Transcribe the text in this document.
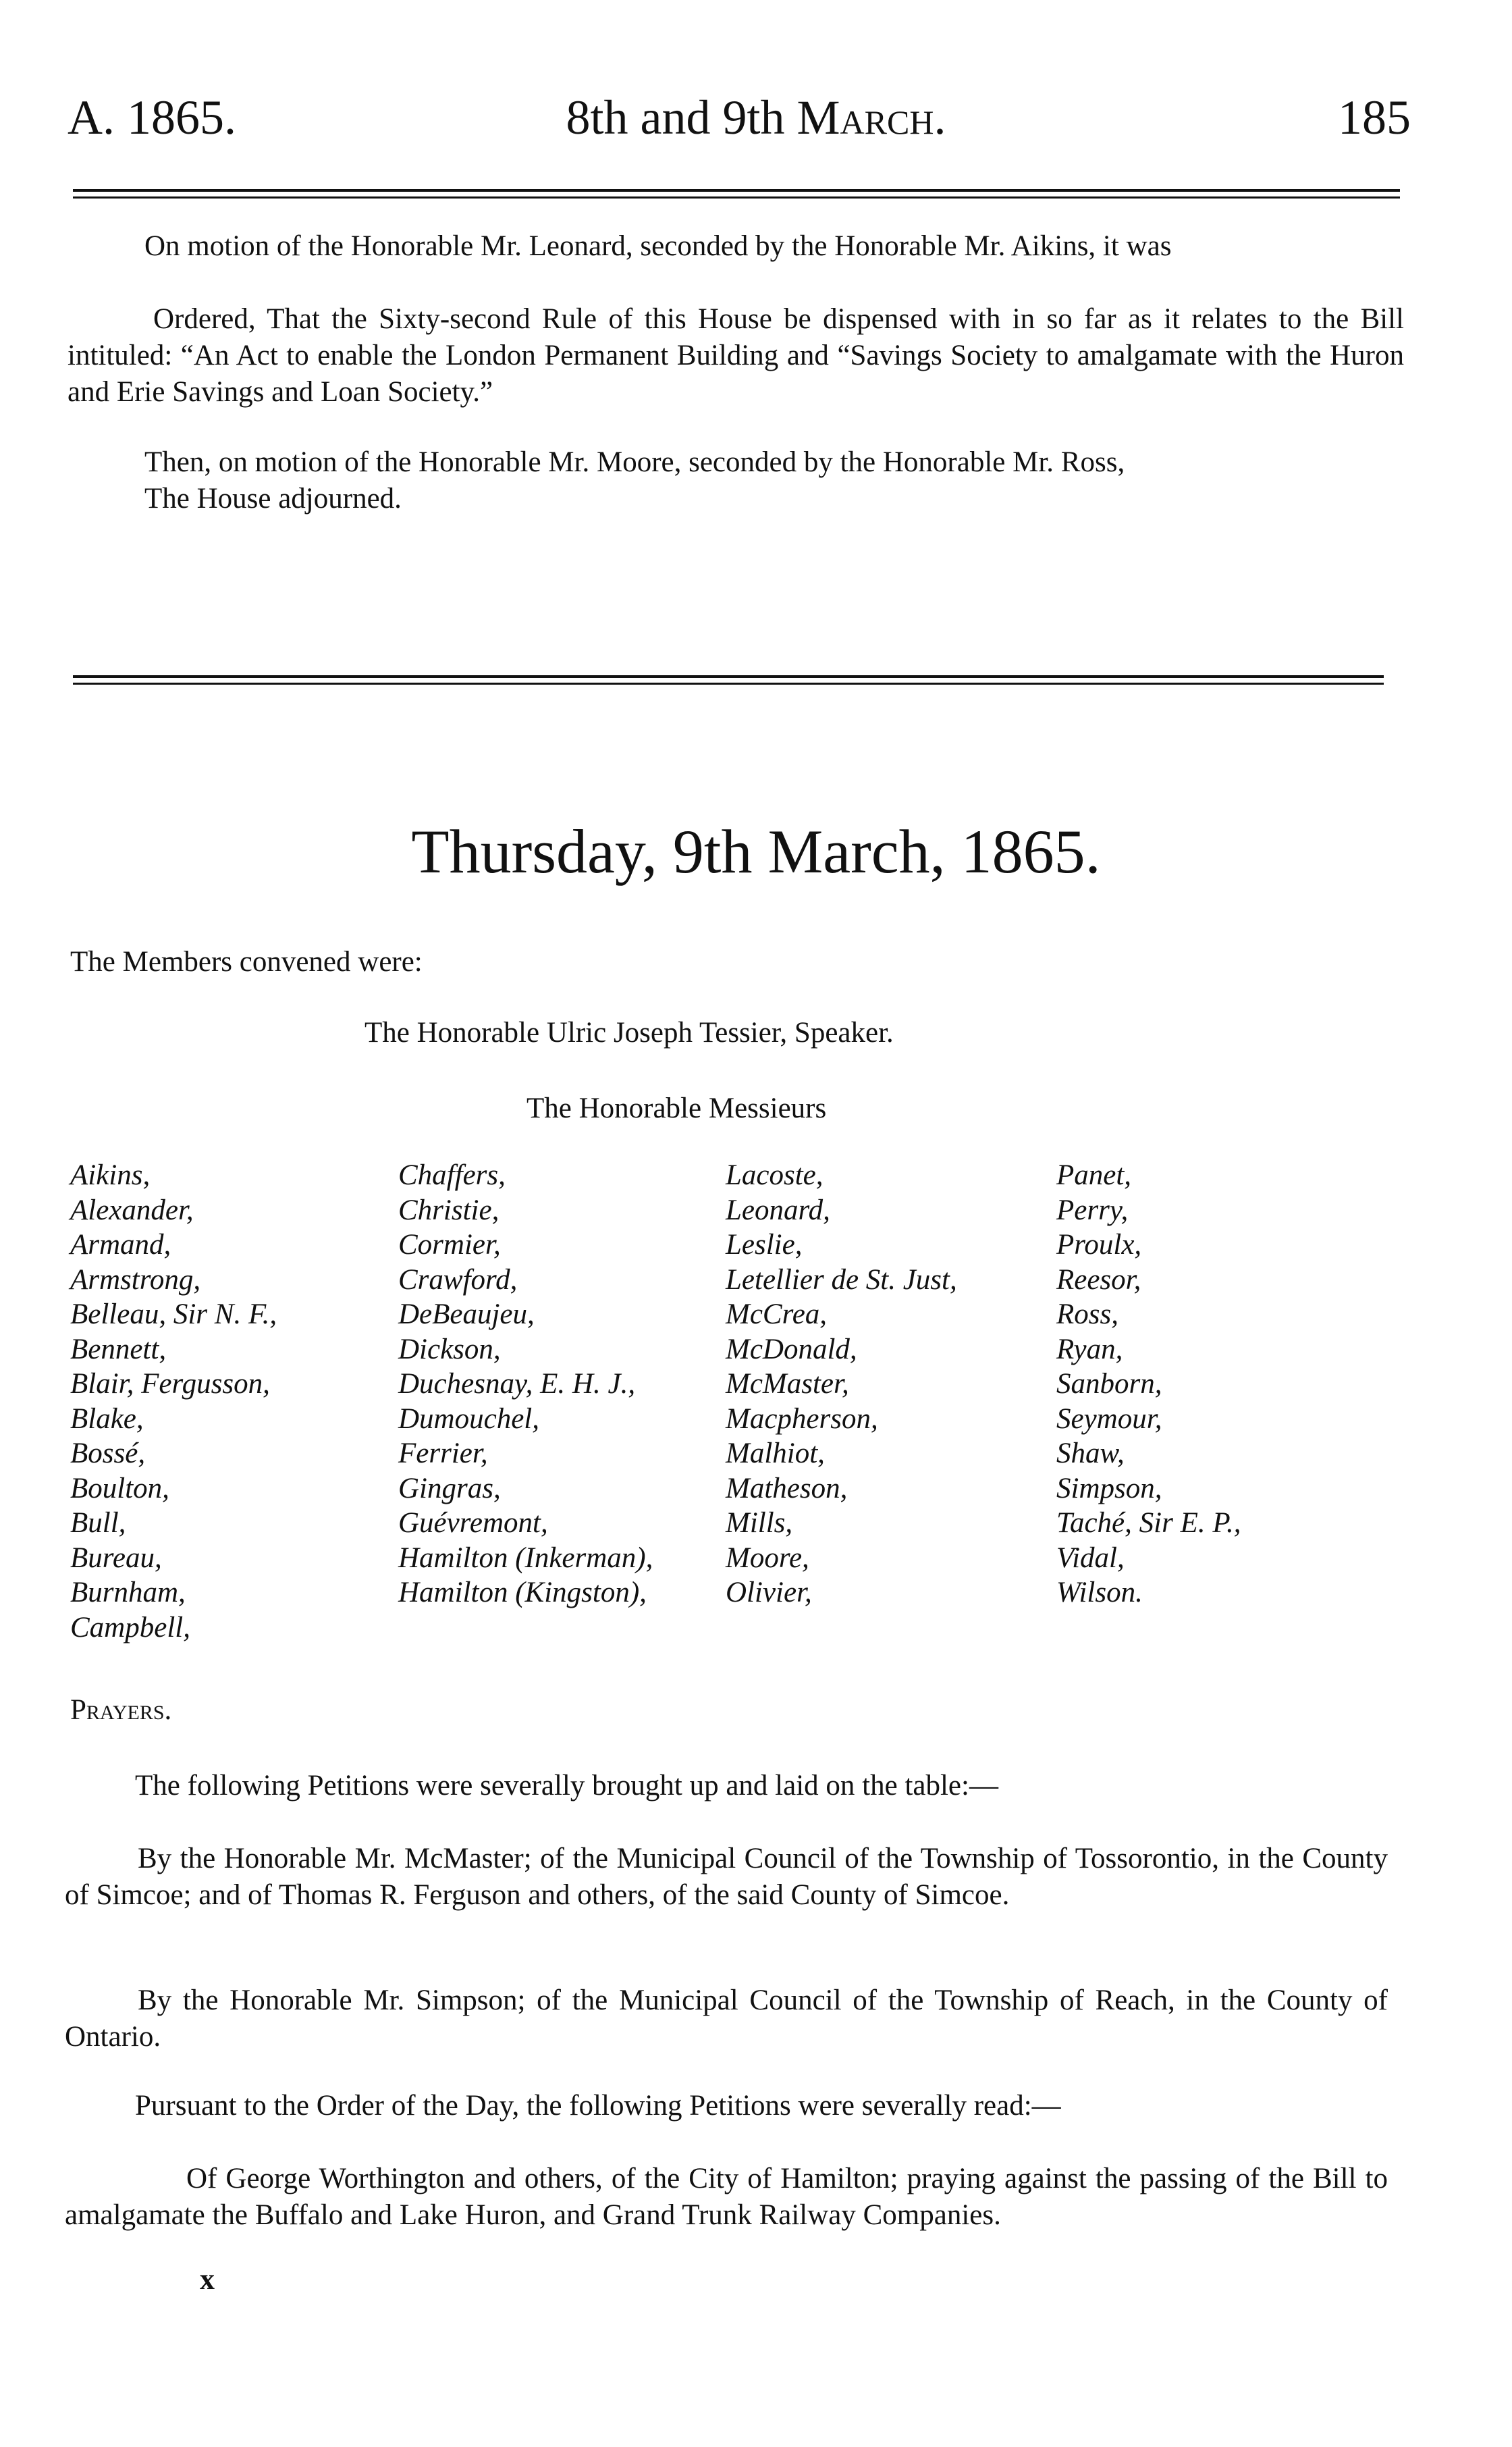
A. 1865.	8th and 9th March.	185
On motion of the Honorable Mr. Leonard, seconded by the Honorable Mr. Aikins, it was
Ordered, That the Sixty-second Rule of this House be dispensed with in so far as it relates to the Bill intituled: “An Act to enable the London Permanent Building and “Savings Society to amalgamate with the Huron and Erie Savings and Loan Society.”
Then, on motion of the Honorable Mr. Moore, seconded by the Honorable Mr. Ross,
The House adjourned.
Thursday, 9th March, 1865.
The Members convened were:
The Honorable Ulric Joseph Tessier, Speaker.
The Honorable Messieurs
Aikins,
Alexander,
Armand,
Armstrong,
Belleau, Sir N. F.,
Bennett,
Blair, Fergusson,
Blake,
Bossé,
Boulton,
Bull,
Bureau,
Burnham,
Campbell,
Chaffers,
Christie,
Cormier,
Crawford,
DeBeaujeu,
Dickson,
Duchesnay, E. H. J.,
Dumouchel,
Ferrier,
Gingras,
Guévremont,
Hamilton (Inkerman),
Hamilton (Kingston),
Lacoste,
Leonard,
Leslie,
Letellier de St. Just,
McCrea,
McDonald,
McMaster,
Macpherson,
Malhiot,
Matheson,
Mills,
Moore,
Olivier,
Panet,
Perry,
Proulx,
Reesor,
Ross,
Ryan,
Sanborn,
Seymour,
Shaw,
Simpson,
Taché, Sir E. P.,
Vidal,
Wilson.
Prayers.
The following Petitions were severally brought up and laid on the table:—
By the Honorable Mr. McMaster; of the Municipal Council of the Township of Tossorontio, in the County of Simcoe; and of Thomas R. Ferguson and others, of the said County of Simcoe.
By the Honorable Mr. Simpson; of the Municipal Council of the Township of Reach, in the County of Ontario.
Pursuant to the Order of the Day, the following Petitions were severally read:—
Of George Worthington and others, of the City of Hamilton; praying against the passing of the Bill to amalgamate the Buffalo and Lake Huron, and Grand Trunk Railway Companies.
x
